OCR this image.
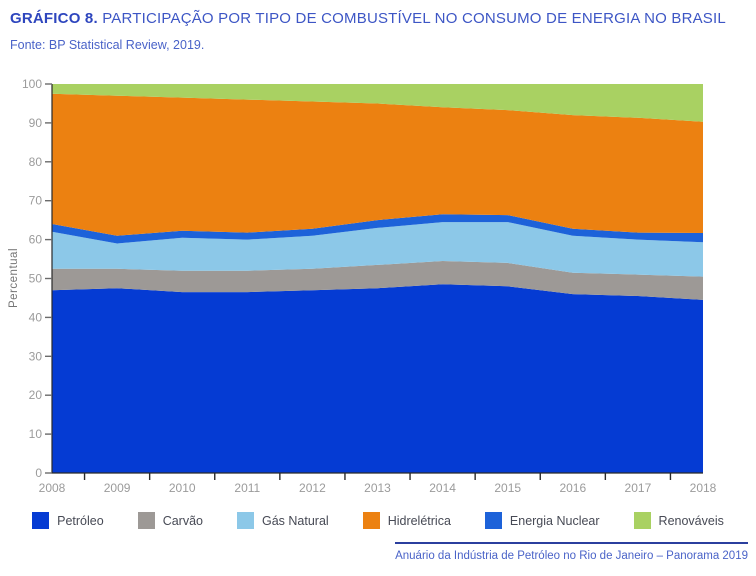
GRÁFICO 8. PARTICIPAÇÃO POR TIPO DE COMBUSTÍVEL NO CONSUMO DE ENERGIA NO BRASIL
Fonte: BP Statistical Review, 2019.
0
10
20
30
40
50
60
70
80
90
100
2008	2009	2010	2011	2012	2013	2014	2015	2016	2017	2018
Percentual
Petróleo	Carvão	Gás Natural	Hidrelétrica	Energia Nuclear	Renováveis
Anuário da Indústria de Petróleo no Rio de Janeiro – Panorama 2019
